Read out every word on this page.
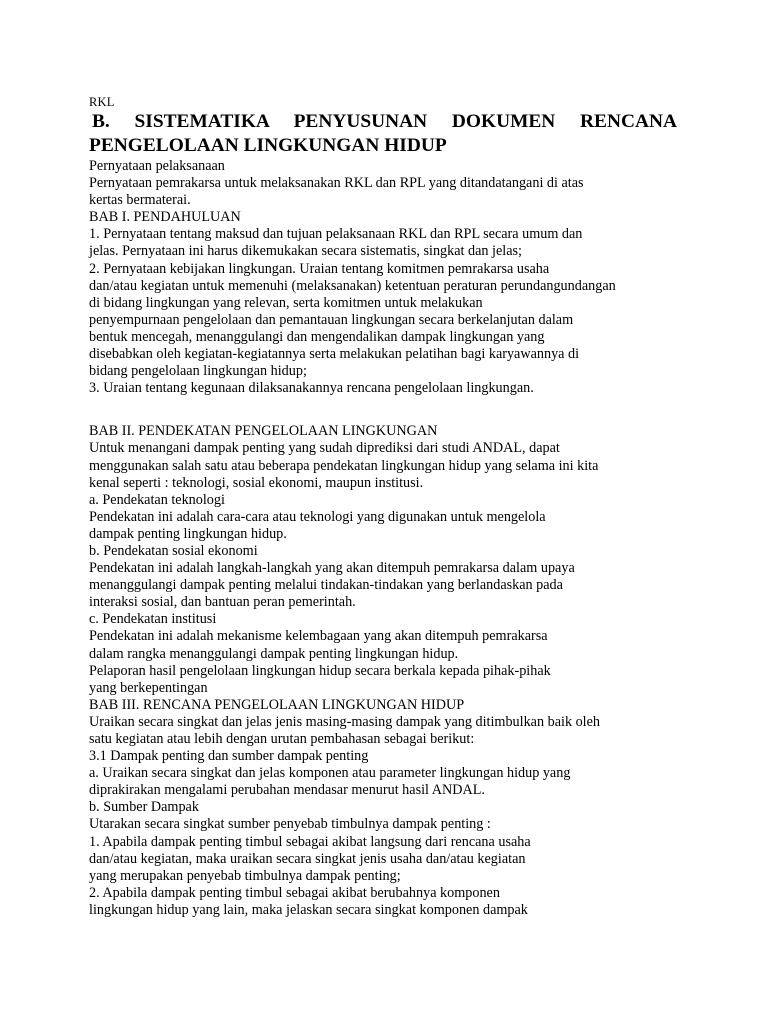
RKL
B. SISTEMATIKA PENYUSUNAN DOKUMEN RENCANA
PENGELOLAAN LINGKUNGAN HIDUP
Pernyataan pelaksanaan
Pernyataan pemrakarsa untuk melaksanakan RKL dan RPL yang ditandatangani di atas
kertas bermaterai.
BAB I. PENDAHULUAN
1. Pernyataan tentang maksud dan tujuan pelaksanaan RKL dan RPL secara umum dan
jelas. Pernyataan ini harus dikemukakan secara sistematis, singkat dan jelas;
2. Pernyataan kebijakan lingkungan. Uraian tentang komitmen pemrakarsa usaha
dan/atau kegiatan untuk memenuhi (melaksanakan) ketentuan peraturan perundangundangan
di bidang lingkungan yang relevan, serta komitmen untuk melakukan
penyempurnaan pengelolaan dan pemantauan lingkungan secara berkelanjutan dalam
bentuk mencegah, menanggulangi dan mengendalikan dampak lingkungan yang
disebabkan oleh kegiatan-kegiatannya serta melakukan pelatihan bagi karyawannya di
bidang pengelolaan lingkungan hidup;
3. Uraian tentang kegunaan dilaksanakannya rencana pengelolaan lingkungan.
BAB II. PENDEKATAN PENGELOLAAN LINGKUNGAN
Untuk menangani dampak penting yang sudah diprediksi dari studi ANDAL, dapat
menggunakan salah satu atau beberapa pendekatan lingkungan hidup yang selama ini kita
kenal seperti : teknologi, sosial ekonomi, maupun institusi.
a. Pendekatan teknologi
Pendekatan ini adalah cara-cara atau teknologi yang digunakan untuk mengelola
dampak penting lingkungan hidup.
b. Pendekatan sosial ekonomi
Pendekatan ini adalah langkah-langkah yang akan ditempuh pemrakarsa dalam upaya
menanggulangi dampak penting melalui tindakan-tindakan yang berlandaskan pada
interaksi sosial, dan bantuan peran pemerintah.
c. Pendekatan institusi
Pendekatan ini adalah mekanisme kelembagaan yang akan ditempuh pemrakarsa
dalam rangka menanggulangi dampak penting lingkungan hidup.
Pelaporan hasil pengelolaan lingkungan hidup secara berkala kepada pihak-pihak
yang berkepentingan
BAB III. RENCANA PENGELOLAAN LINGKUNGAN HIDUP
Uraikan secara singkat dan jelas jenis masing-masing dampak yang ditimbulkan baik oleh
satu kegiatan atau lebih dengan urutan pembahasan sebagai berikut:
3.1 Dampak penting dan sumber dampak penting
a. Uraikan secara singkat dan jelas komponen atau parameter lingkungan hidup yang
diprakirakan mengalami perubahan mendasar menurut hasil ANDAL.
b. Sumber Dampak
Utarakan secara singkat sumber penyebab timbulnya dampak penting :
1. Apabila dampak penting timbul sebagai akibat langsung dari rencana usaha
dan/atau kegiatan, maka uraikan secara singkat jenis usaha dan/atau kegiatan
yang merupakan penyebab timbulnya dampak penting;
2. Apabila dampak penting timbul sebagai akibat berubahnya komponen
lingkungan hidup yang lain, maka jelaskan secara singkat komponen dampak
